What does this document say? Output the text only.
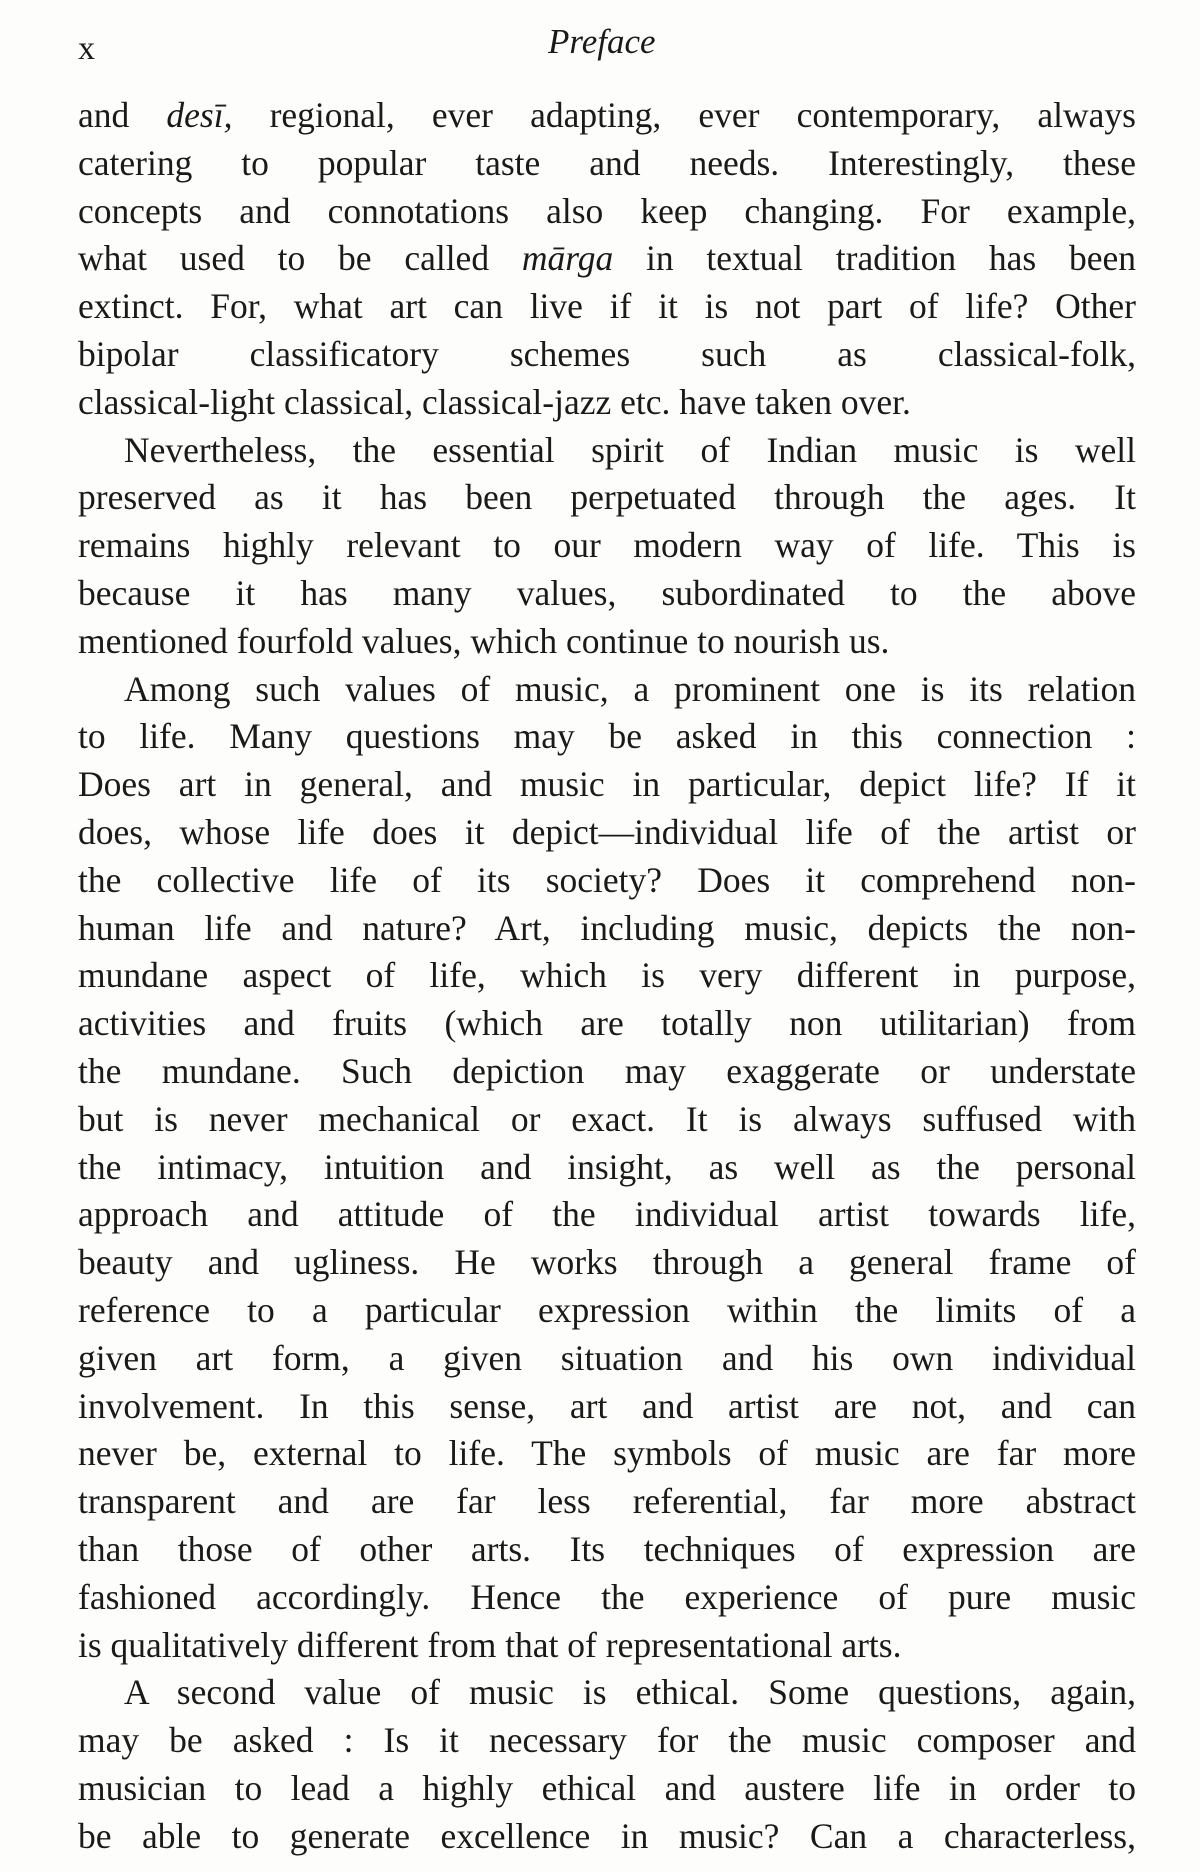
x	Preface
and desī, regional, ever adapting, ever contemporary, always
catering to popular taste and needs. Interestingly, these
concepts and connotations also keep changing. For example,
what used to be called mārga in textual tradition has been
extinct. For, what art can live if it is not part of life? Other
bipolar classificatory schemes such as classical-folk,
classical-light classical, classical-jazz etc. have taken over.
Nevertheless, the essential spirit of Indian music is well
preserved as it has been perpetuated through the ages. It
remains highly relevant to our modern way of life. This is
because it has many values, subordinated to the above
mentioned fourfold values, which continue to nourish us.
Among such values of music, a prominent one is its relation
to life. Many questions may be asked in this connection :
Does art in general, and music in particular, depict life? If it
does, whose life does it depict—individual life of the artist or
the collective life of its society? Does it comprehend non-
human life and nature? Art, including music, depicts the non-
mundane aspect of life, which is very different in purpose,
activities and fruits (which are totally non utilitarian) from
the mundane. Such depiction may exaggerate or understate
but is never mechanical or exact. It is always suffused with
the intimacy, intuition and insight, as well as the personal
approach and attitude of the individual artist towards life,
beauty and ugliness. He works through a general frame of
reference to a particular expression within the limits of a
given art form, a given situation and his own individual
involvement. In this sense, art and artist are not, and can
never be, external to life. The symbols of music are far more
transparent and are far less referential, far more abstract
than those of other arts. Its techniques of expression are
fashioned accordingly. Hence the experience of pure music
is qualitatively different from that of representational arts.
A second value of music is ethical. Some questions, again,
may be asked : Is it necessary for the music composer and
musician to lead a highly ethical and austere life in order to
be able to generate excellence in music? Can a characterless,
